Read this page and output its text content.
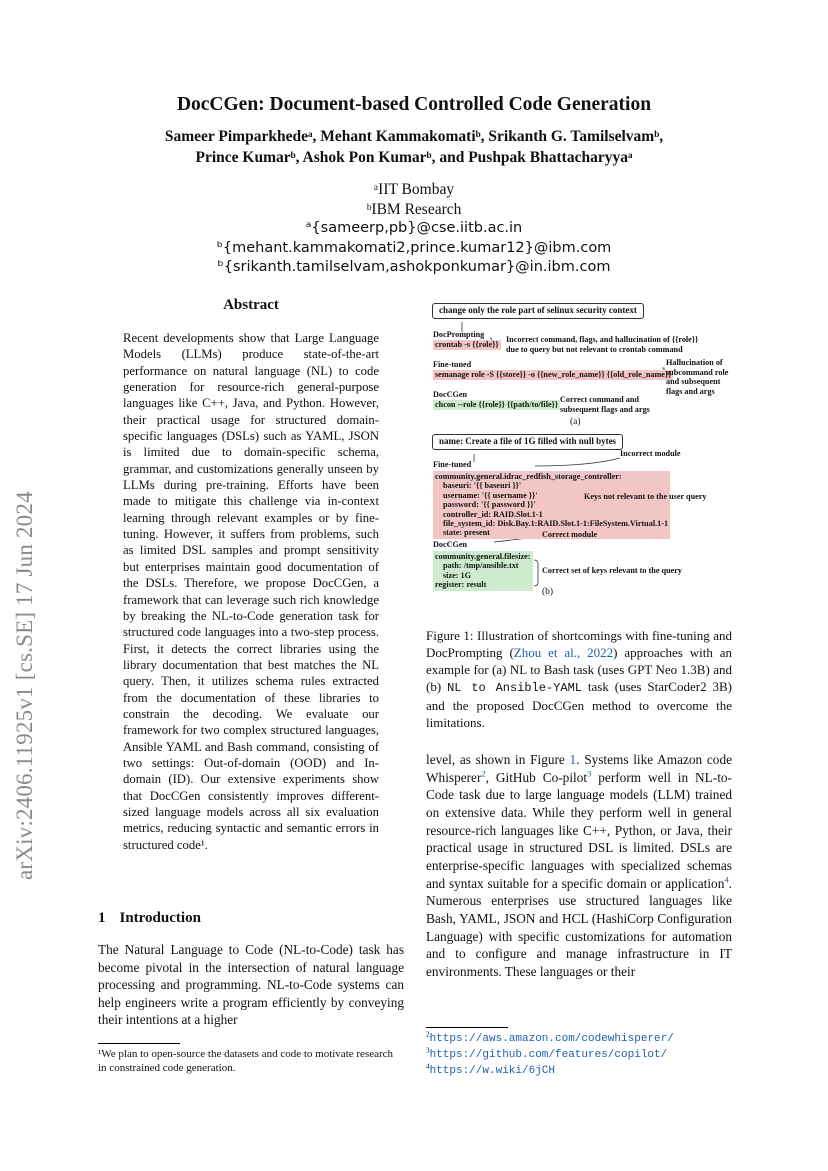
arXiv:2406.11925v1 [cs.SE] 17 Jun 2024
DocCGen: Document-based Controlled Code Generation
Sameer Pimparkhedeᵃ, Mehant Kammakomatiᵇ, Srikanth G. Tamilselvamᵇ,
Prince Kumarᵇ, Ashok Pon Kumarᵇ, and Pushpak Bhattacharyyaᵃ
ᵃIIT Bombay
ᵇIBM Research
ᵃ{sameerp,pb}@cse.iitb.ac.in
ᵇ{mehant.kammakomati2,prince.kumar12}@ibm.com
ᵇ{srikanth.tamilselvam,ashokponkumar}@in.ibm.com
Abstract
Recent developments show that Large Language Models (LLMs) produce state-of-the-art performance on natural language (NL) to code generation for resource-rich general-purpose languages like C++, Java, and Python. However, their practical usage for structured domain-specific languages (DSLs) such as YAML, JSON is limited due to domain-specific schema, grammar, and customizations generally unseen by LLMs during pre-training. Efforts have been made to mitigate this challenge via in-context learning through relevant examples or by fine-tuning. However, it suffers from problems, such as limited DSL samples and prompt sensitivity but enterprises maintain good documentation of the DSLs. Therefore, we propose DocCGen, a framework that can leverage such rich knowledge by breaking the NL-to-Code generation task for structured code languages into a two-step process. First, it detects the correct libraries using the library documentation that best matches the NL query. Then, it utilizes schema rules extracted from the documentation of these libraries to constrain the decoding. We evaluate our framework for two complex structured languages, Ansible YAML and Bash command, consisting of two settings: Out-of-domain (OOD) and In-domain (ID). Our extensive experiments show that DocCGen consistently improves different-sized language models across all six evaluation metrics, reducing syntactic and semantic errors in structured code¹.
1 Introduction
The Natural Language to Code (NL-to-Code) task has become pivotal in the intersection of natural language processing and programming. NL-to-Code systems can help engineers write a program efficiently by conveying their intentions at a higher
¹We plan to open-source the datasets and code to motivate research in constrained code generation.
change only the role part of selinux security context
DocPrompting
crontab -s {{role}}
Incorrect command, flags, and hallucination of {{role}}
due to query but not relevant to crontab command
Fine-tuned
semanage role -S {{store}} -o {{new_role_name}} {{old_role_name}}
Hallucination of
subcommand role
and subsequent
flags and args
DocCGen
chcon --role {{role}} {{path/to/file}}
Correct command and
subsequent flags and args
(a)
name: Create a file of 1G filled with null bytes
Incorrect module
Fine-tuned
community.general.idrac_redfish_storage_controller:
baseuri: '{{ baseuri }}'
username: '{{ username }}'
password: '{{ password }}'
controller_id: RAID.Slot.1-1
file_system_id: Disk.Bay.1:RAID.Slot.1-1:FileSystem.Virtual.1-1
state: present
Keys not relevant to the user query
Correct module
DocCGen
community.general.filesize:
path: /tmp/ansible.txt
size: 1G
register: result
Correct set of keys relevant to the query
(b)
Figure 1: Illustration of shortcomings with fine-tuning and DocPrompting (Zhou et al., 2022) approaches with an example for (a) NL to Bash task (uses GPT Neo 1.3B) and (b) NL to Ansible-YAML task (uses StarCoder2 3B) and the proposed DocCGen method to overcome the limitations.
level, as shown in Figure 1. Systems like Amazon code Whisperer$^2$, GitHub Co-pilot$^3$ perform well in NL-to-Code task due to large language models (LLM) trained on extensive data. While they perform well in general resource-rich languages like C++, Python, or Java, their practical usage in structured DSL is limited. DSLs are enterprise-specific languages with specialized schemas and syntax suitable for a specific domain or application$^4$. Numerous enterprises use structured languages like Bash, YAML, JSON and HCL (HashiCorp Configuration Language) with specific customizations for automation and to configure and manage infrastructure in IT environments. These languages or their
$^2$https://aws.amazon.com/codewhisperer/
$^3$https://github.com/features/copilot/
$^4$https://w.wiki/6jCH
